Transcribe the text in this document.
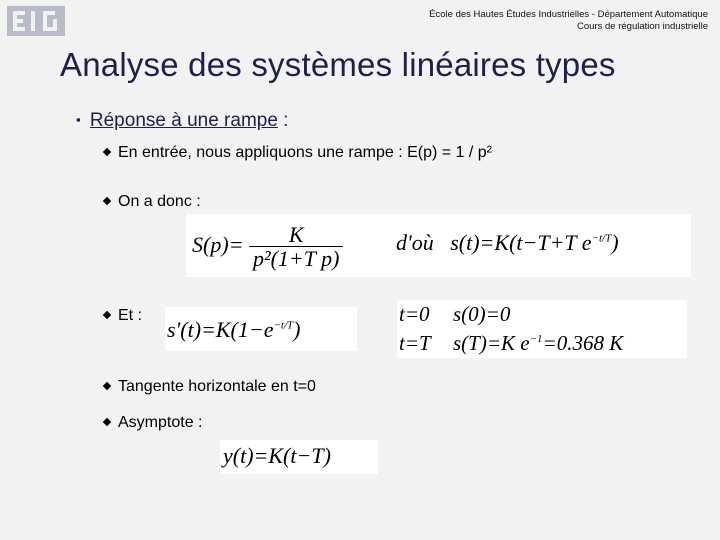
École des Hautes Études Industrielles - Département Automatique
Cours de régulation industrielle
Analyse des systèmes linéaires types
▪ Réponse à une rampe :
En entrée, nous appliquons une rampe : E(p) = 1 / p²
On a donc :
Et :
Tangente horizontale en t=0
Asymptote :
$S(p)= \frac{K}{\text{p²(1+T p)}}$ d'où s(t)=K(t−T+T $e^{-t/T}$)
$s'(t)=K(1-e^{-t/T})$
t=0 s(0)=0
t=T s(T)=K $e^{-1}=0.368$ K
y(t)=K(t−T)
